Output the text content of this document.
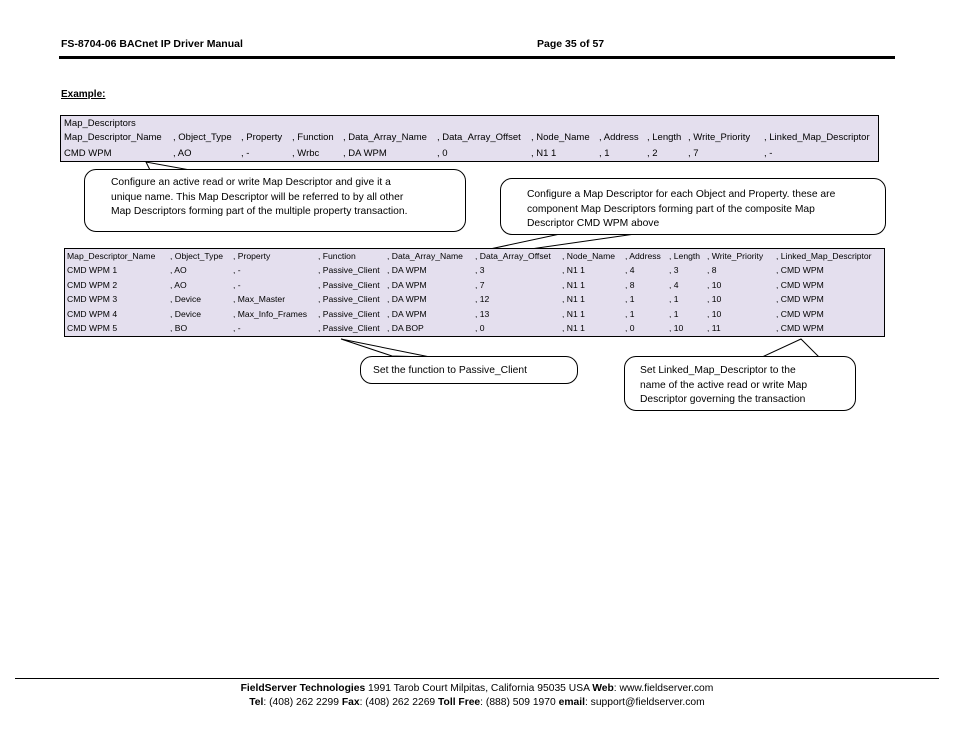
FS-8704-06 BACnet IP Driver Manual	Page 35 of 57
Example:
Map_Descriptors
Map_Descriptor_Name , Object_Type , Property , Function , Data_Array_Name , Data_Array_Offset , Node_Name , Address , Length , Write_Priority , Linked_Map_Descriptor
CMD WPM	, AO	, -	, Wrbc , DA WPM	, 0	, N1 1	, 1	, 2	, 7	, -
Configure an active read or write Map Descriptor and give it a
unique name. This Map Descriptor will be referred to by all other
Map Descriptors forming part of the multiple property transaction.
Configure a Map Descriptor for each Object and Property. these are
component Map Descriptors forming part of the composite Map
Descriptor CMD WPM above
Map_Descriptor_Name , Object_Type , Property	, Function	, Data_Array_Name , Data_Array_Offset , Node_Name , Address , Length , Write_Priority , Linked_Map_Descriptor
CMD WPM 1	, AO	, -	, Passive_Client , DA WPM	, 3	, N1 1	, 4	, 3	, 8	, CMD WPM
CMD WPM 2	, AO	, -	, Passive_Client , DA WPM	, 7	, N1 1	, 8	, 4	, 10	, CMD WPM
CMD WPM 3	, Device	, Max_Master	, Passive_Client , DA WPM	, 12	, N1 1	, 1	, 1	, 10	, CMD WPM
CMD WPM 4	, Device	, Max_Info_Frames , Passive_Client , DA WPM	, 13	, N1 1	, 1	, 1	, 10	, CMD WPM
CMD WPM 5	, BO	, -	, Passive_Client , DA BOP	, 0	, N1 1	, 0	, 10	, 11	, CMD WPM
Set the function to Passive_Client	Set Linked_Map_Descriptor to the
name of the active read or write Map
Descriptor governing the transaction
FieldServer Technologies 1991 Tarob Court Milpitas, California 95035 USA Web: www.fieldserver.com
Tel: (408) 262 2299 Fax: (408) 262 2269 Toll Free: (888) 509 1970 email: support@fieldserver.com
